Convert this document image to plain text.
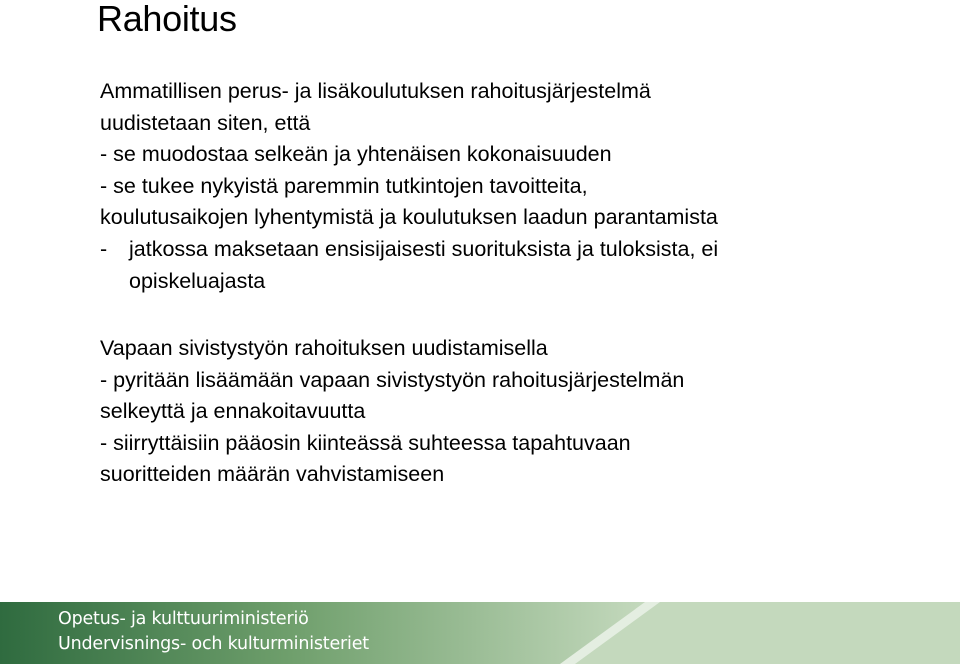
Rahoitus
Ammatillisen perus- ja lisäkoulutuksen rahoitusjärjestelmä
uudistetaan siten, että
- se muodostaa selkeän ja yhtenäisen kokonaisuuden
- se tukee nykyistä paremmin tutkintojen tavoitteita,
koulutusaikojen lyhentymistä ja koulutuksen laadun parantamista
- jatkossa maksetaan ensisijaisesti suorituksista ja tuloksista, ei
opiskeluajasta
Vapaan sivistystyön rahoituksen uudistamisella
- pyritään lisäämään vapaan sivistystyön rahoitusjärjestelmän
selkeyttä ja ennakoitavuutta
- siirryttäisiin pääosin kiinteässä suhteessa tapahtuvaan
suoritteiden määrän vahvistamiseen
Opetus- ja kulttuuriministeriö
Undervisnings- och kulturministeriet
